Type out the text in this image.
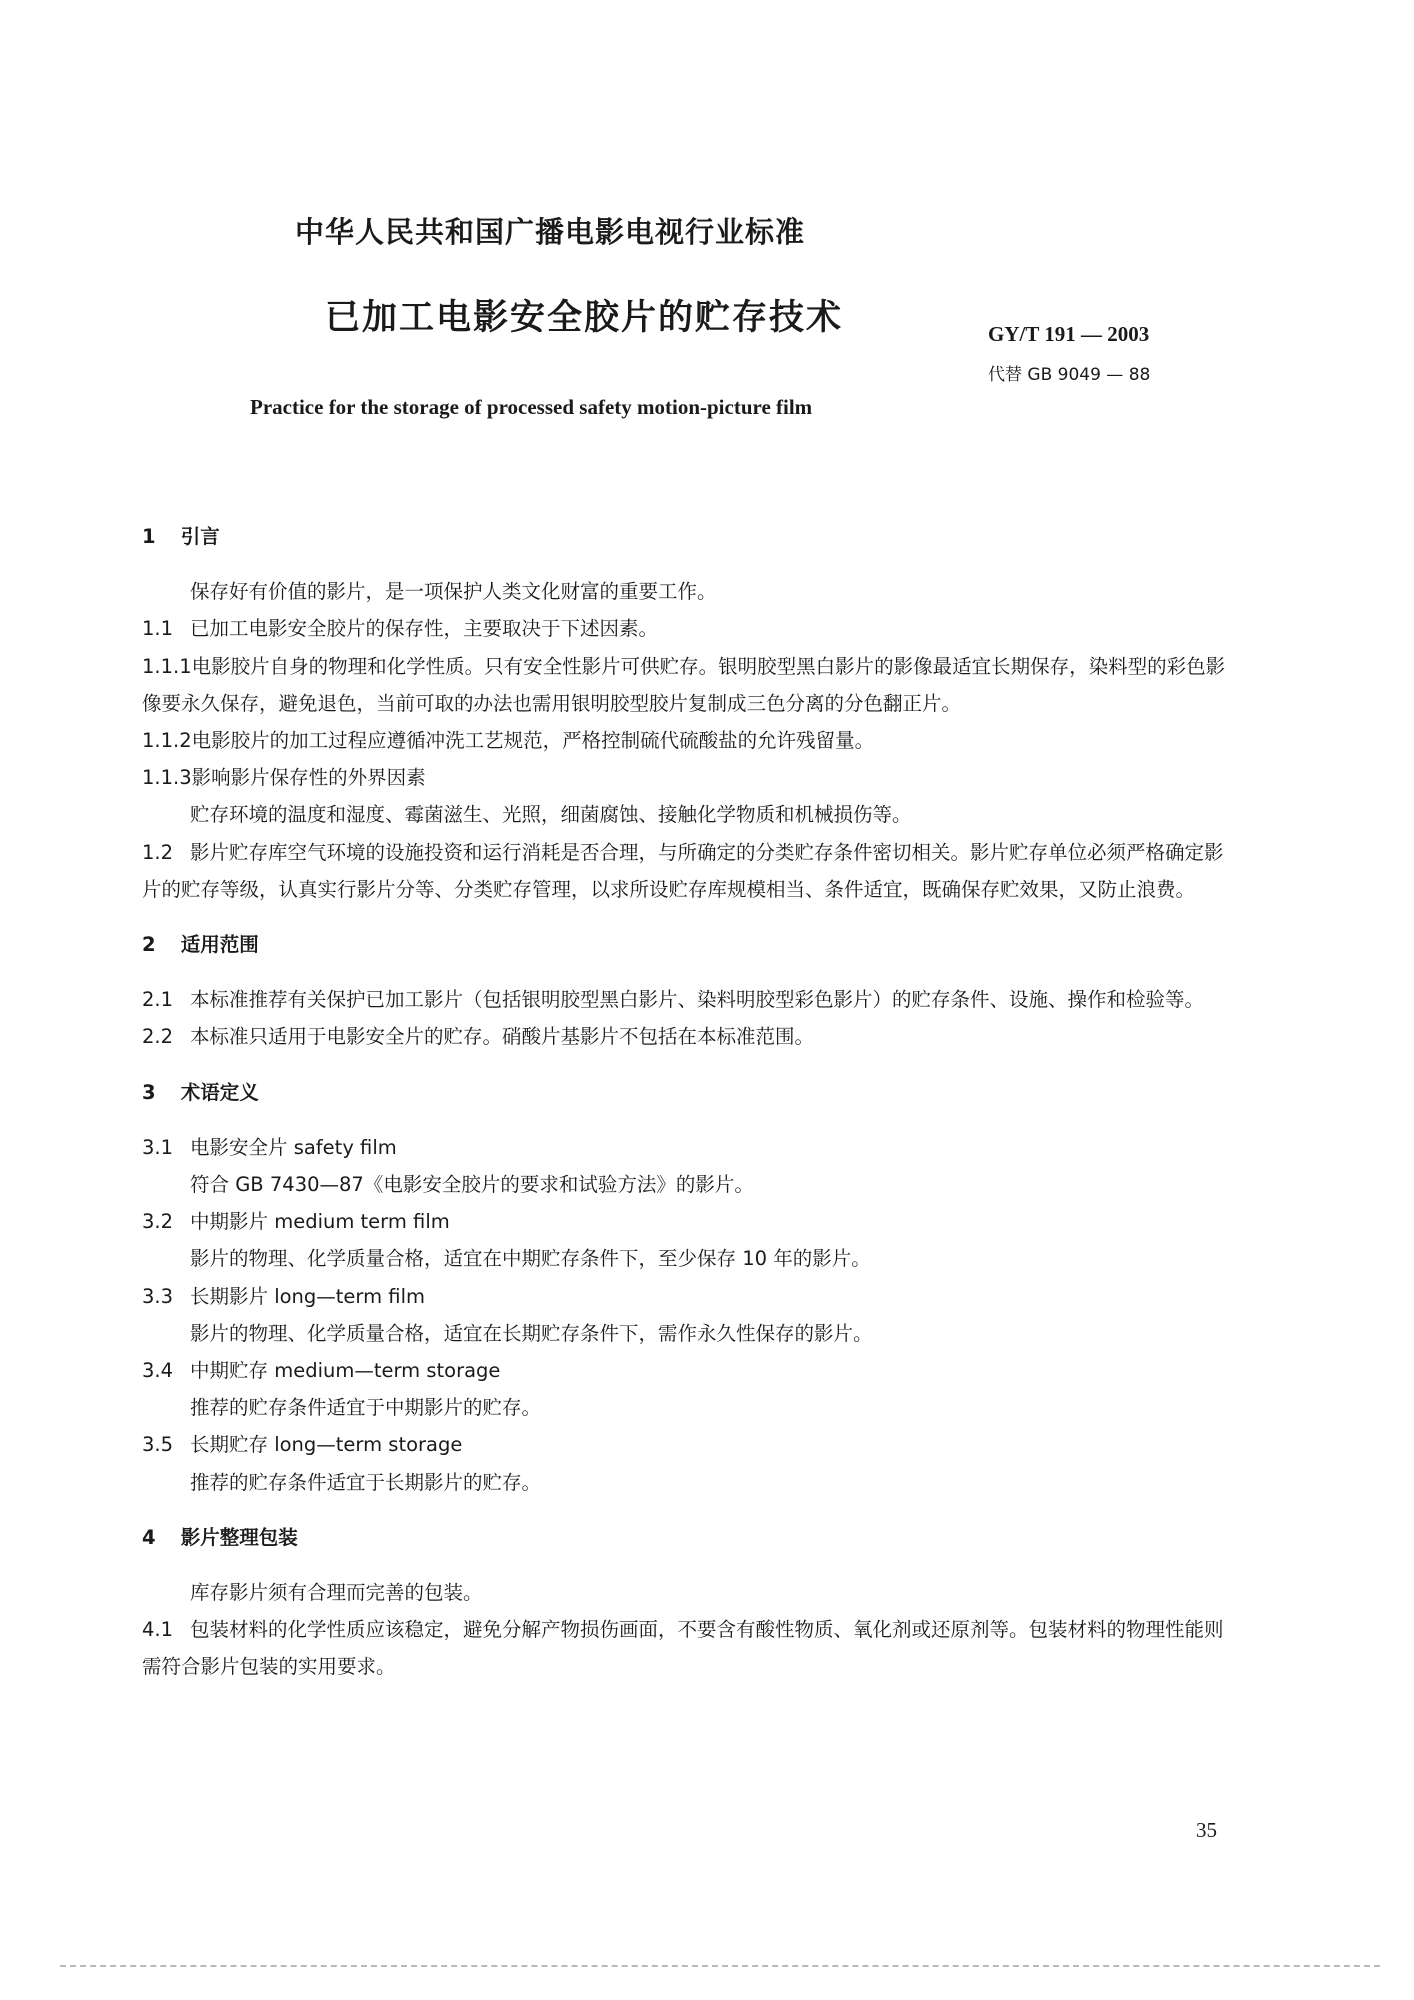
中华人民共和国广播电影电视行业标准
已加工电影安全胶片的贮存技术	GY/T 191 — 2003
代替 GB 9049 — 88
Practice for the storage of processed safety motion-picture film

1 引言

保存好有价值的影片，是一项保护人类文化财富的重要工作。

1.1 已加工电影安全胶片的保存性，主要取决于下述因素。

1.1.1电影胶片自身的物理和化学性质。只有安全性影片可供贮存。银明胶型黑白影片的影像最适宜长期保存，染料型的彩色影像要永久保存，避免退色，当前可取的办法也需用银明胶型胶片复制成三色分离的分色翻正片。

1.1.2电影胶片的加工过程应遵循冲洗工艺规范，严格控制硫代硫酸盐的允许残留量。

1.1.3影响影片保存性的外界因素

贮存环境的温度和湿度、霉菌滋生、光照，细菌腐蚀、接触化学物质和机械损伤等。

1.2 影片贮存库空气环境的设施投资和运行消耗是否合理，与所确定的分类贮存条件密切相关。影片贮存单位必须严格确定影片的贮存等级，认真实行影片分等、分类贮存管理，以求所设贮存库规模相当、条件适宜，既确保存贮效果，又防止浪费。

2 适用范围

2.1 本标准推荐有关保护已加工影片（包括银明胶型黑白影片、染料明胶型彩色影片）的贮存条件、设施、操作和检验等。

2.2 本标准只适用于电影安全片的贮存。硝酸片基影片不包括在本标准范围。

3 术语定义

3.1 电影安全片 safety film

符合 GB 7430—87《电影安全胶片的要求和试验方法》的影片。

3.2 中期影片 medium term film

影片的物理、化学质量合格，适宜在中期贮存条件下，至少保存 10 年的影片。

3.3 长期影片 long—term film

影片的物理、化学质量合格，适宜在长期贮存条件下，需作永久性保存的影片。

3.4 中期贮存 medium—term storage

推荐的贮存条件适宜于中期影片的贮存。

3.5 长期贮存 long—term storage

推荐的贮存条件适宜于长期影片的贮存。

4 影片整理包装

库存影片须有合理而完善的包装。

4.1 包装材料的化学性质应该稳定，避免分解产物损伤画面，不要含有酸性物质、氧化剂或还原剂等。包装材料的物理性能则需符合影片包装的实用要求。

35
